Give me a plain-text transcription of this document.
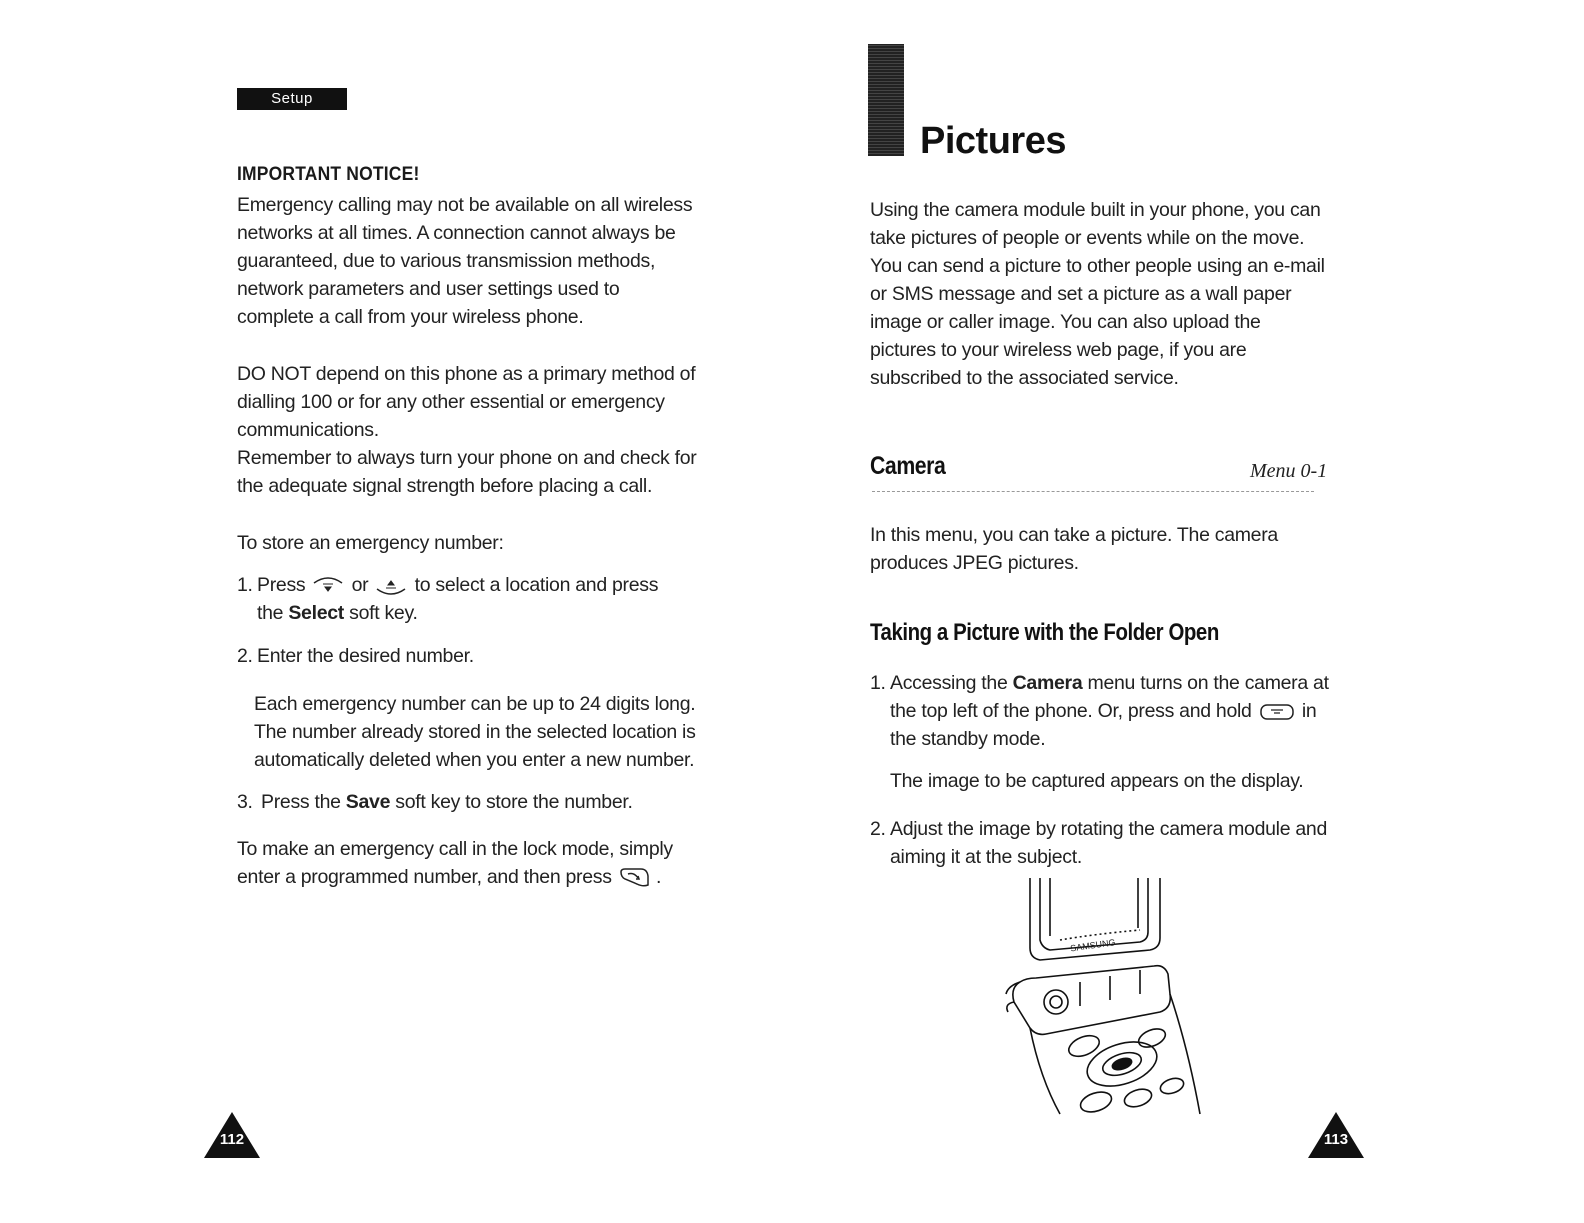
Setup
IMPORTANT NOTICE!
Emergency calling may not be available on all wireless
networks at all times. A connection cannot always be
guaranteed, due to various transmission methods,
network parameters and user settings used to
complete a call from your wireless phone.
DO NOT depend on this phone as a primary method of
dialling 100 or for any other essential or emergency
communications.
Remember to always turn your phone on and check for
the adequate signal strength before placing a call.
To store an emergency number:
1. Press or to select a location and press
the Select soft key.
2. Enter the desired number.
Each emergency number can be up to 24 digits long.
The number already stored in the selected location is
automatically deleted when you enter a new number.
3. Press the Save soft key to store the number.
To make an emergency call in the lock mode, simply
enter a programmed number, and then press .
112
Pictures
Using the camera module built in your phone, you can
take pictures of people or events while on the move.
You can send a picture to other people using an e-mail
or SMS message and set a picture as a wall paper
image or caller image. You can also upload the
pictures to your wireless web page, if you are
subscribed to the associated service.
Camera	Menu 0-1
In this menu, you can take a picture. The camera
produces JPEG pictures.
Taking a Picture with the Folder Open
1. Accessing the Camera menu turns on the camera at
the top left of the phone. Or, press and hold	in
the standby mode.
The image to be captured appears on the display.
2. Adjust the image by rotating the camera module and
aiming it at the subject.
SAMSUNG
113
